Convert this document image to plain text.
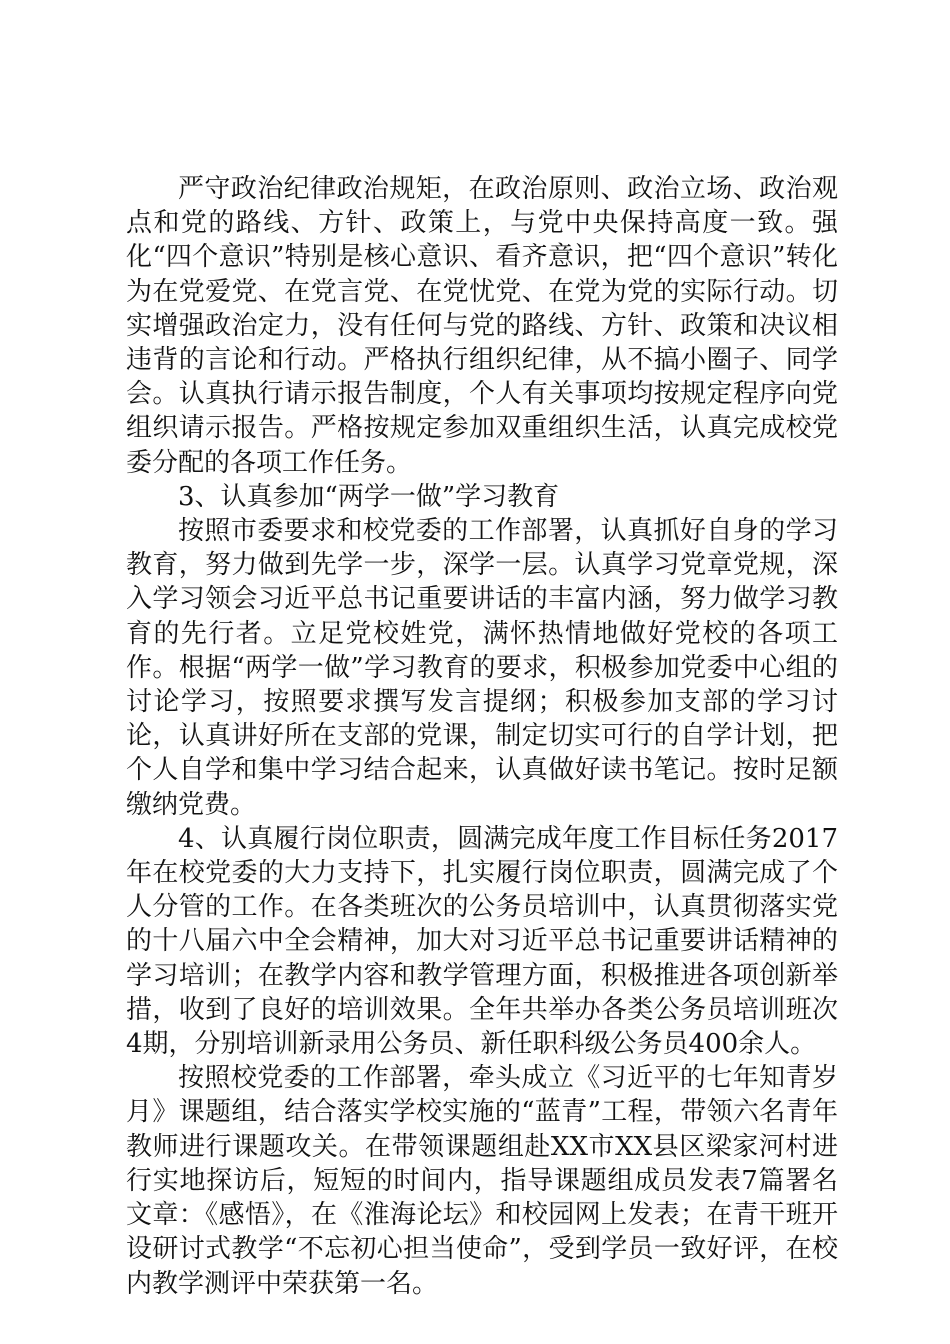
严守政治纪律政治规矩，在政治原则、政治立场、政治观点和党的路线、方针、政策上，与党中央保持高度一致。强化“四个意识”特别是核心意识、看齐意识，把“四个意识”转化为在党爱党、在党言党、在党忧党、在党为党的实际行动。切实增强政治定力，没有任何与党的路线、方针、政策和决议相违背的言论和行动。严格执行组织纪律，从不搞小圈子、同学会。认真执行请示报告制度，个人有关事项均按规定程序向党组织请示报告。严格按规定参加双重组织生活，认真完成校党委分配的各项工作任务。

3、认真参加“两学一做”学习教育

按照市委要求和校党委的工作部署，认真抓好自身的学习教育，努力做到先学一步，深学一层。认真学习党章党规，深入学习领会习近平总书记重要讲话的丰富内涵，努力做学习教育的先行者。立足党校姓党，满怀热情地做好党校的各项工作。根据“两学一做”学习教育的要求，积极参加党委中心组的讨论学习，按照要求撰写发言提纲；积极参加支部的学习讨论，认真讲好所在支部的党课，制定切实可行的自学计划，把个人自学和集中学习结合起来，认真做好读书笔记。按时足额缴纳党费。

4、认真履行岗位职责，圆满完成年度工作目标任务2017年在校党委的大力支持下，扎实履行岗位职责，圆满完成了个人分管的工作。在各类班次的公务员培训中，认真贯彻落实党的十八届六中全会精神，加大对习近平总书记重要讲话精神的学习培训；在教学内容和教学管理方面，积极推进各项创新举措，收到了良好的培训效果。全年共举办各类公务员培训班次4期，分别培训新录用公务员、新任职科级公务员400余人。

按照校党委的工作部署，牵头成立《习近平的七年知青岁月》课题组，结合落实学校实施的“蓝青”工程，带领六名青年教师进行课题攻关。在带领课题组赴XX市XX县区梁家河村进行实地探访后，短短的时间内，指导课题组成员发表7篇署名文章：《感悟》，在《淮海论坛》和校园网上发表；在青干班开设研讨式教学“不忘初心担当使命”，受到学员一致好评，在校内教学测评中荣获第一名。
